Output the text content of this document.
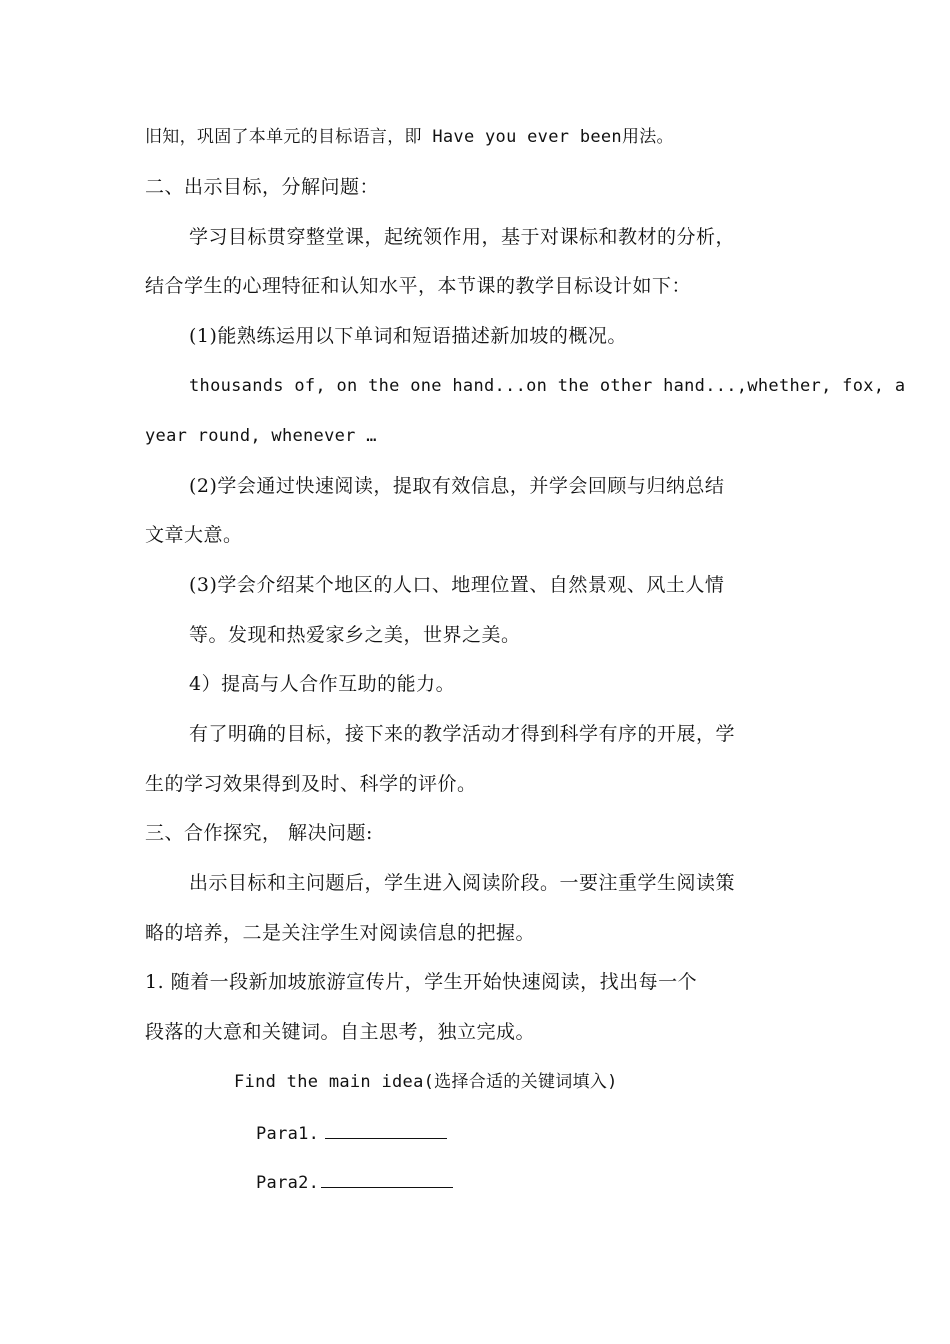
旧知，巩固了本单元的目标语言，即 Have you ever been用法。
二、出示目标，分解问题：
学习目标贯穿整堂课，起统领作用，基于对课标和教材的分析，
结合学生的心理特征和认知水平，本节课的教学目标设计如下：
(1)能熟练运用以下单词和短语描述新加坡的概况。
thousands of, on the one hand...on the other hand...,whether, fox, a
year round, whenever …
(2)学会通过快速阅读，提取有效信息，并学会回顾与归纳总结
文章大意。
(3)学会介绍某个地区的人口、地理位置、自然景观、风土人情
等。发现和热爱家乡之美，世界之美。
4）提高与人合作互助的能力。
有了明确的目标，接下来的教学活动才得到科学有序的开展，学
生的学习效果得到及时、科学的评价。
三、合作探究， 解决问题:
出示目标和主问题后，学生进入阅读阶段。一要注重学生阅读策
略的培养，二是关注学生对阅读信息的把握。
1. 随着一段新加坡旅游宣传片，学生开始快速阅读，找出每一个
段落的大意和关键词。自主思考，独立完成。
Find the main idea(选择合适的关键词填入)
Para1.
Para2.
